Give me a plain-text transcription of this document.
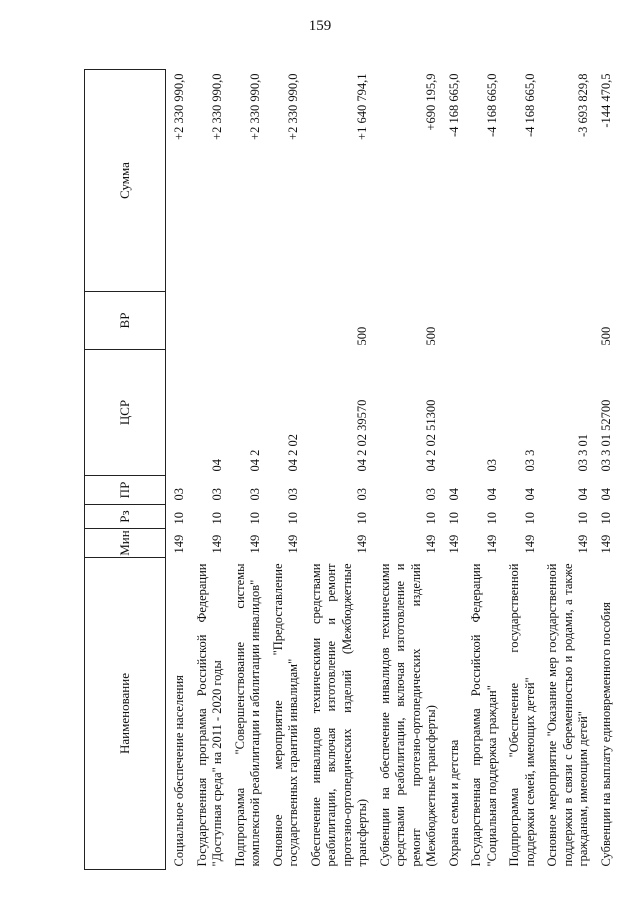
159
Наименование	Мин	Рз	ПР	ЦСР	ВР	Сумма
Социальное обеспечение населения	149	10	03			+2 330 990,0
Государственная программа Российской Федерации "Доступная среда" на 2011 - 2020 годы	149	10	03	04		+2 330 990,0
Подпрограмма "Совершенствование системы комплексной реабилитации и абилитации инвалидов"	149	10	03	04 2		+2 330 990,0
Основное мероприятие "Предоставление государственных гарантий инвалидам"	149	10	03	04 2 02		+2 330 990,0
Обеспечение инвалидов техническими средствами реабилитации, включая изготовление и ремонт протезно-ортопедических изделий (Межбюджетные трансферты)	149	10	03	04 2 02 39570	500	+1 640 794,1
Субвенции на обеспечение инвалидов техническими средствами реабилитации, включая изготовление и ремонт протезно-ортопедических изделий (Межбюджетные трансферты)	149	10	03	04 2 02 51300	500	+690 195,9
Охрана семьи и детства	149	10	04			-4 168 665,0
Государственная программа Российской Федерации "Социальная поддержка граждан"	149	10	04	03		-4 168 665,0
Подпрограмма "Обеспечение государственной поддержки семей, имеющих детей"	149	10	04	03 3		-4 168 665,0
Основное мероприятие "Оказание мер государственной поддержки в связи с беременностью и родами, а также гражданам, имеющим детей"	149	10	04	03 3 01		-3 693 829,8
Субвенции на выплату единовременного пособия	149	10	04	03 3 01 52700	500	-144 470,5
